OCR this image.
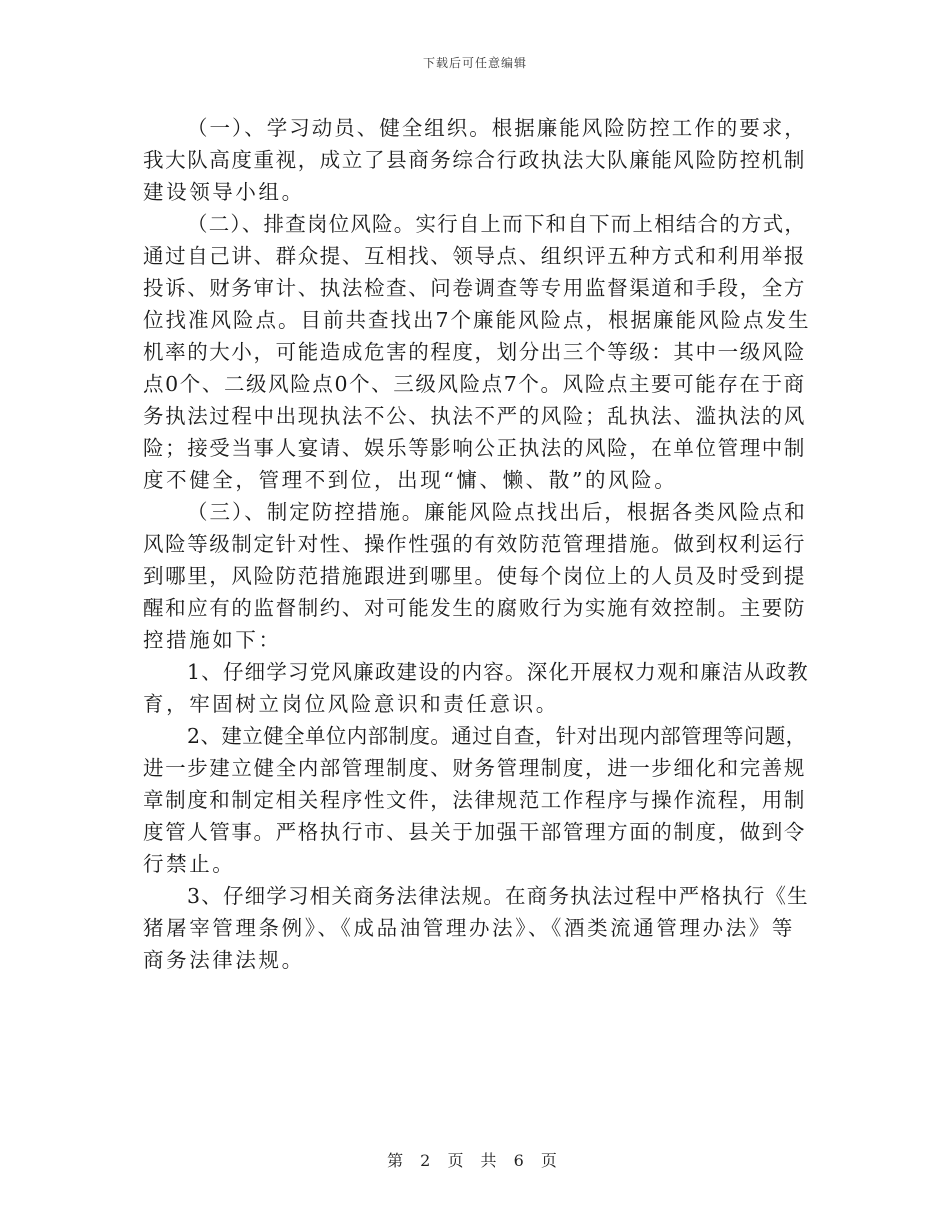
下载后可任意编辑
（一）、学习动员、健全组织。根据廉能风险防控工作的要求，
我大队高度重视，成立了县商务综合行政执法大队廉能风险防控机制
建设领导小组。
（二）、排查岗位风险。实行自上而下和自下而上相结合的方式，
通过自己讲、群众提、互相找、领导点、组织评五种方式和利用举报
投诉、财务审计、执法检查、问卷调查等专用监督渠道和手段，全方
位找准风险点。目前共查找出7个廉能风险点，根据廉能风险点发生
机率的大小，可能造成危害的程度，划分出三个等级：其中一级风险
点0个、二级风险点0个、三级风险点7个。风险点主要可能存在于商
务执法过程中出现执法不公、执法不严的风险；乱执法、滥执法的风
险；接受当事人宴请、娱乐等影响公正执法的风险，在单位管理中制
度不健全，管理不到位，出现“慵、懒、散”的风险。
（三）、制定防控措施。廉能风险点找出后，根据各类风险点和
风险等级制定针对性、操作性强的有效防范管理措施。做到权利运行
到哪里，风险防范措施跟进到哪里。使每个岗位上的人员及时受到提
醒和应有的监督制约、对可能发生的腐败行为实施有效控制。主要防
控措施如下：
1、仔细学习党风廉政建设的内容。深化开展权力观和廉洁从政教
育，牢固树立岗位风险意识和责任意识。
2、建立健全单位内部制度。通过自查，针对出现内部管理等问题，
进一步建立健全内部管理制度、财务管理制度，进一步细化和完善规
章制度和制定相关程序性文件，法律规范工作程序与操作流程，用制
度管人管事。严格执行市、县关于加强干部管理方面的制度，做到令
行禁止。
3、仔细学习相关商务法律法规。在商务执法过程中严格执行《生
猪屠宰管理条例》、《成品油管理办法》、《酒类流通管理办法》等
商务法律法规。
第 2 页 共 6 页
